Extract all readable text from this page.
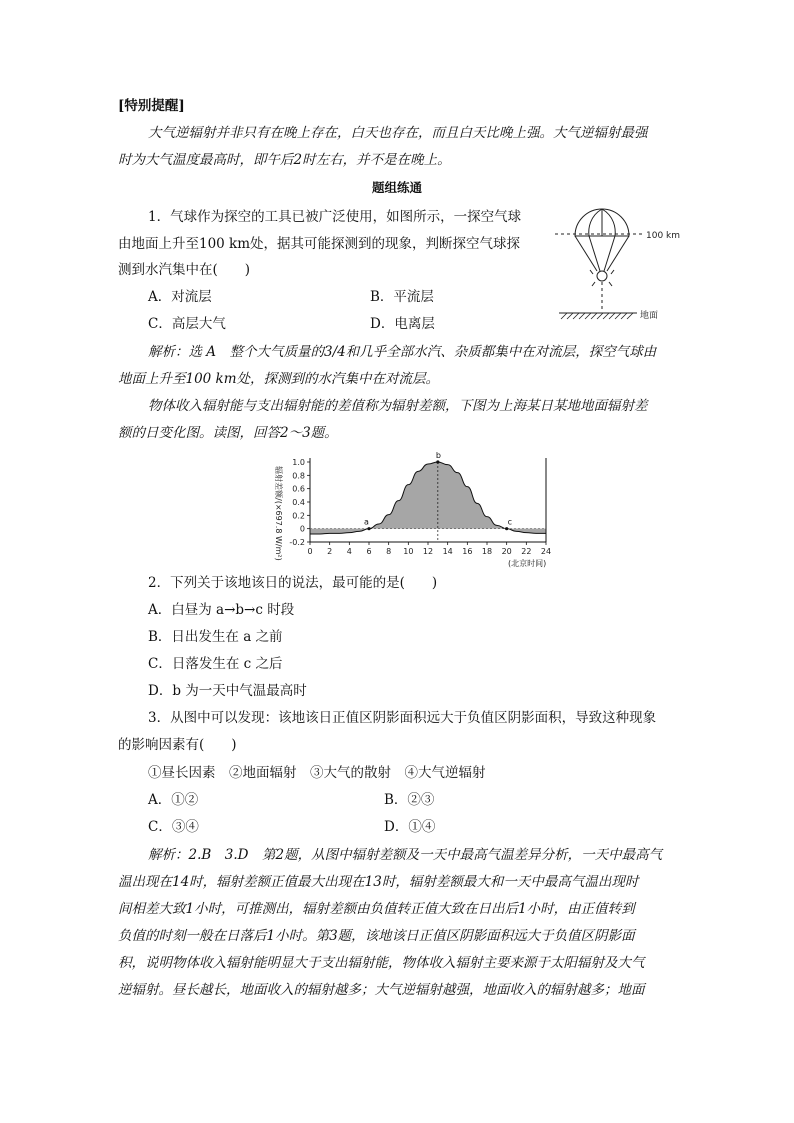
[特别提醒]
大气逆辐射并非只有在晚上存在，白天也存在，而且白天比晚上强。大气逆辐射最强
时为大气温度最高时，即午后2时左右，并不是在晚上。
题组练通
1．气球作为探空的工具已被广泛使用，如图所示，一探空气球
由地面上升至100 km处，据其可能探测到的现象，判断探空气球探
测到水汽集中在(　　)
A．对流层	B．平流层
C．高层大气	D．电离层
100 km
地面
解析：选 A　整个大气质量的3/4和几乎全部水汽、杂质都集中在对流层，探空气球由
地面上升至100 km处，探测到的水汽集中在对流层。
物体收入辐射能与支出辐射能的差值称为辐射差额，下图为上海某日某地地面辐射差
额的日变化图。读图，回答2～3题。
-0.2
0
0.2
0.4
0.6
0.8
1.0
0 2 4 6 8 10 12 14 16 18 20 22 24
a
b
c
辐射差额/(×697.8 W/m²)
(北京时间)
2．下列关于该地该日的说法，最可能的是(　　)
A．白昼为 a→b→c 时段
B．日出发生在 a 之前
C．日落发生在 c 之后
D．b 为一天中气温最高时
3．从图中可以发现：该地该日正值区阴影面积远大于负值区阴影面积，导致这种现象
的影响因素有(　　)
①昼长因素　②地面辐射　③大气的散射　④大气逆辐射
A．①②	B．②③
C．③④	D．①④
解析：2.B　3.D　第2题，从图中辐射差额及一天中最高气温差异分析，一天中最高气
温出现在14时，辐射差额正值最大出现在13时，辐射差额最大和一天中最高气温出现时
间相差大致1小时，可推测出，辐射差额由负值转正值大致在日出后1小时，由正值转到
负值的时刻一般在日落后1小时。第3题，该地该日正值区阴影面积远大于负值区阴影面
积，说明物体收入辐射能明显大于支出辐射能，物体收入辐射主要来源于太阳辐射及大气
逆辐射。昼长越长，地面收入的辐射越多；大气逆辐射越强，地面收入的辐射越多；地面
